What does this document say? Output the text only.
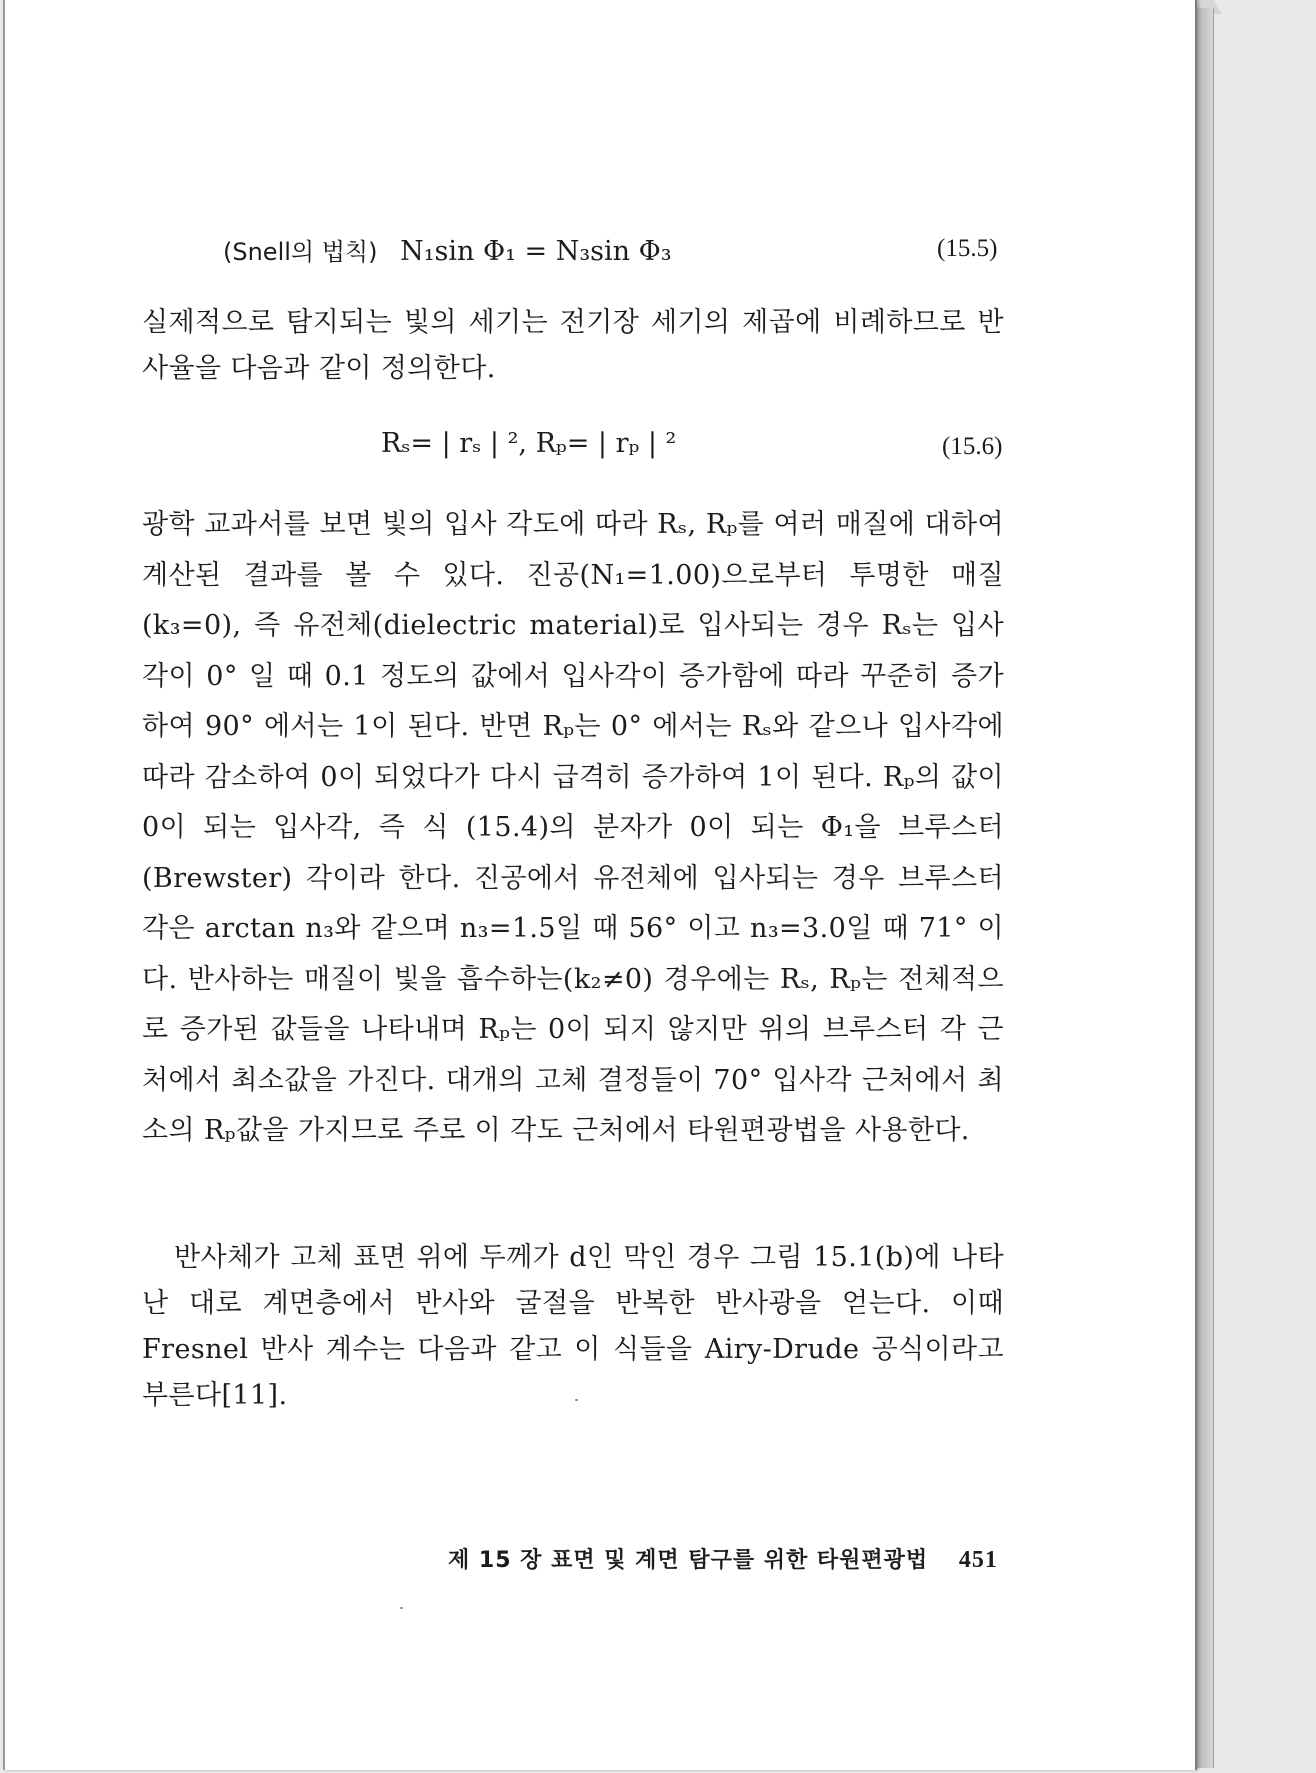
(Snell의 법칙) N₁sin Φ₁ = N₃sin Φ₃	(15.5)

실제적으로 탐지되는 빛의 세기는 전기장 세기의 제곱에 비례하므로 반사율을 다음과 같이 정의한다.

Rₛ= | rₛ | ², Rₚ= | rₚ | ²	(15.6)

광학 교과서를 보면 빛의 입사 각도에 따라 Rₛ, Rₚ를 여러 매질에 대하여 계산된 결과를 볼 수 있다. 진공(N₁=1.00)으로부터 투명한 매질(k₃=0), 즉 유전체(dielectric material)로 입사되는 경우 Rₛ는 입사각이 0° 일 때 0.1 정도의 값에서 입사각이 증가함에 따라 꾸준히 증가하여 90° 에서는 1이 된다. 반면 Rₚ는 0° 에서는 Rₛ와 같으나 입사각에 따라 감소하여 0이 되었다가 다시 급격히 증가하여 1이 된다. Rₚ의 값이 0이 되는 입사각, 즉 식 (15.4)의 분자가 0이 되는 Φ₁을 브루스터(Brewster) 각이라 한다. 진공에서 유전체에 입사되는 경우 브루스터 각은 arctan n₃와 같으며 n₃=1.5일 때 56° 이고 n₃=3.0일 때 71° 이다. 반사하는 매질이 빛을 흡수하는(k₂≠0) 경우에는 Rₛ, Rₚ는 전체적으로 증가된 값들을 나타내며 Rₚ는 0이 되지 않지만 위의 브루스터 각 근처에서 최소값을 가진다. 대개의 고체 결정들이 70° 입사각 근처에서 최소의 Rₚ값을 가지므로 주로 이 각도 근처에서 타원편광법을 사용한다.

반사체가 고체 표면 위에 두께가 d인 막인 경우 그림 15.1(b)에 나타난 대로 계면층에서 반사와 굴절을 반복한 반사광을 얻는다. 이때 Fresnel 반사 계수는 다음과 같고 이 식들을 Airy-Drude 공식이라고 부른다[11].

제 15 장 표면 및 계면 탐구를 위한 타원편광법 451
